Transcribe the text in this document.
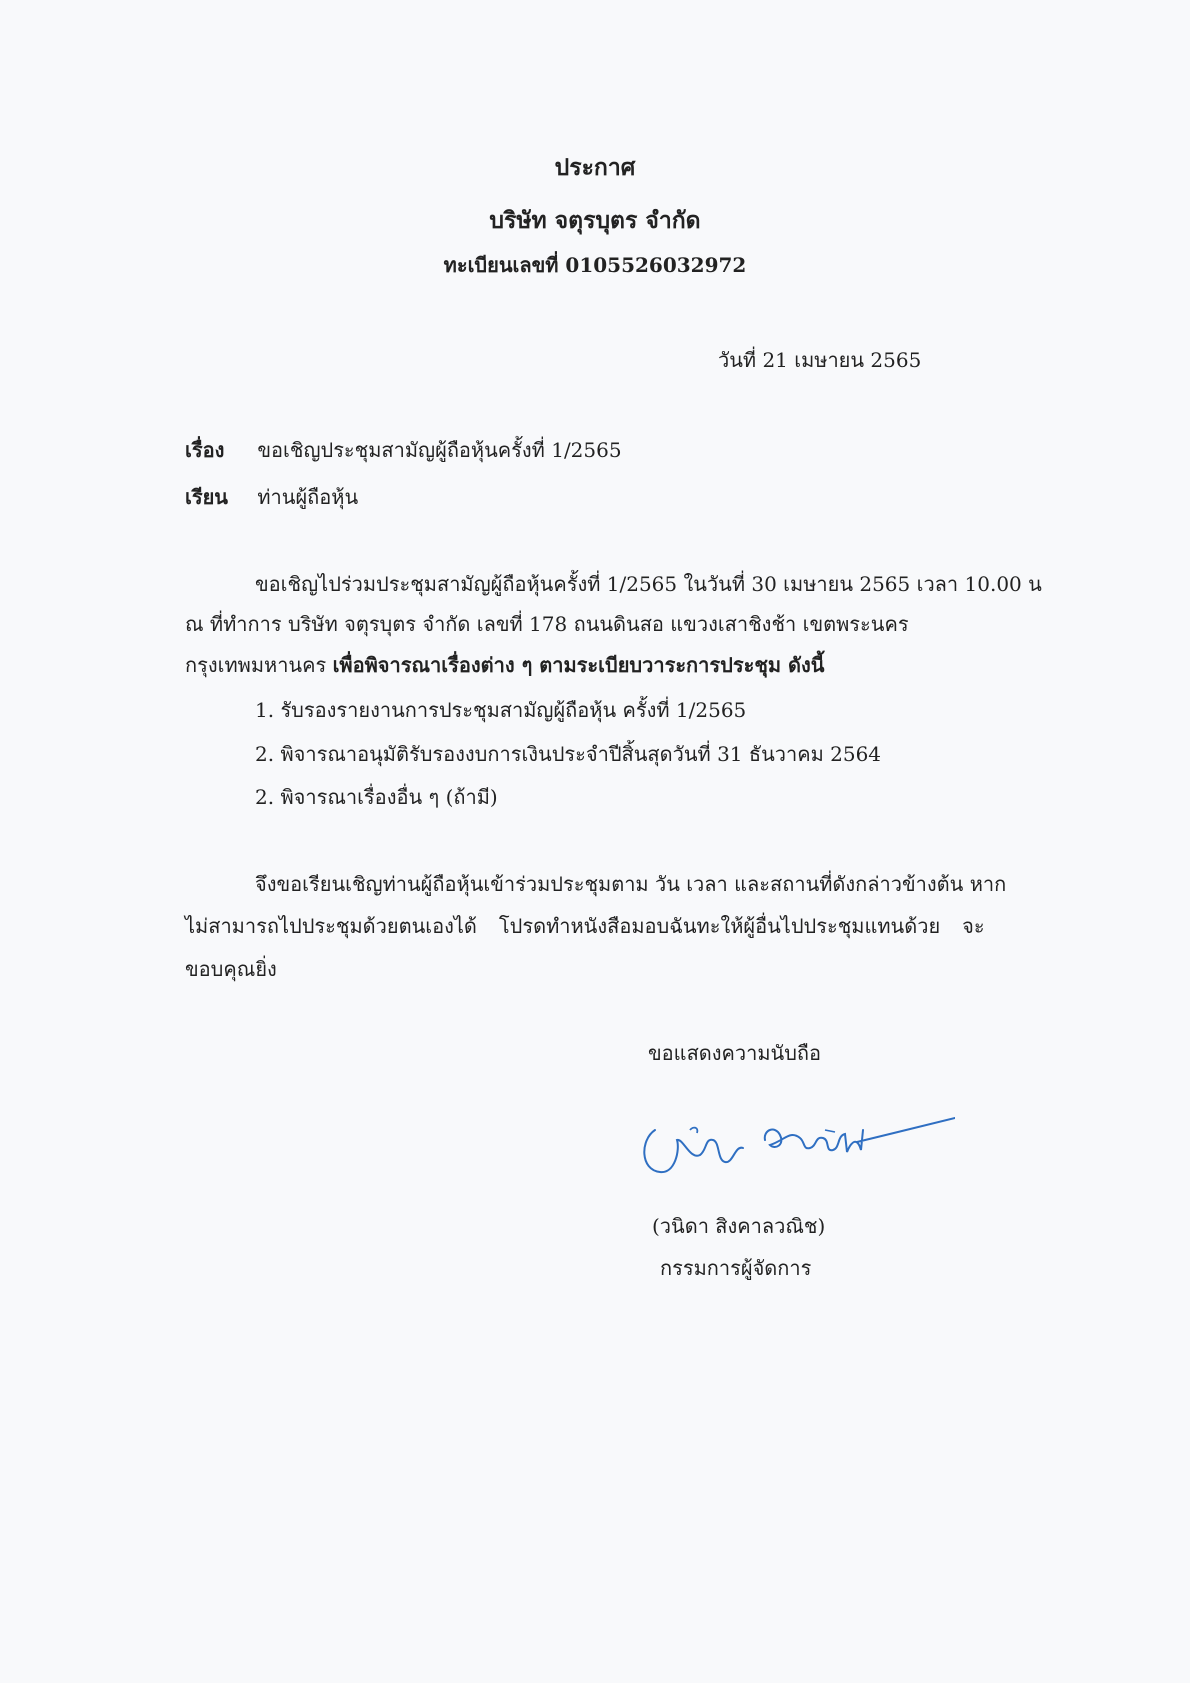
ประกาศ
บริษัท จตุรบุตร จำกัด
ทะเบียนเลขที่ 0105526032972
วันที่ 21 เมษายน 2565
เรื่อง ขอเชิญประชุมสามัญผู้ถือหุ้นครั้งที่ 1/2565
เรียน ท่านผู้ถือหุ้น
ขอเชิญไปร่วมประชุมสามัญผู้ถือหุ้นครั้งที่ 1/2565 ในวันที่ 30 เมษายน 2565 เวลา 10.00 น
ณ ที่ทำการ บริษัท จตุรบุตร จำกัด เลขที่ 178 ถนนดินสอ แขวงเสาชิงช้า เขตพระนคร
กรุงเทพมหานคร เพื่อพิจารณาเรื่องต่าง ๆ ตามระเบียบวาระการประชุม ดังนี้
1. รับรองรายงานการประชุมสามัญผู้ถือหุ้น ครั้งที่ 1/2565
2. พิจารณาอนุมัติรับรองงบการเงินประจำปีสิ้นสุดวันที่ 31 ธันวาคม 2564
2. พิจารณาเรื่องอื่น ๆ (ถ้ามี)
จึงขอเรียนเชิญท่านผู้ถือหุ้นเข้าร่วมประชุมตาม วัน เวลา และสถานที่ดังกล่าวข้างต้น หาก
ไม่สามารถไปประชุมด้วยตนเองได้ โปรดทำหนังสือมอบฉันทะให้ผู้อื่นไปประชุมแทนด้วย จะ
ขอบคุณยิ่ง
ขอแสดงความนับถือ
(วนิดา สิงคาลวณิช)
กรรมการผู้จัดการ
